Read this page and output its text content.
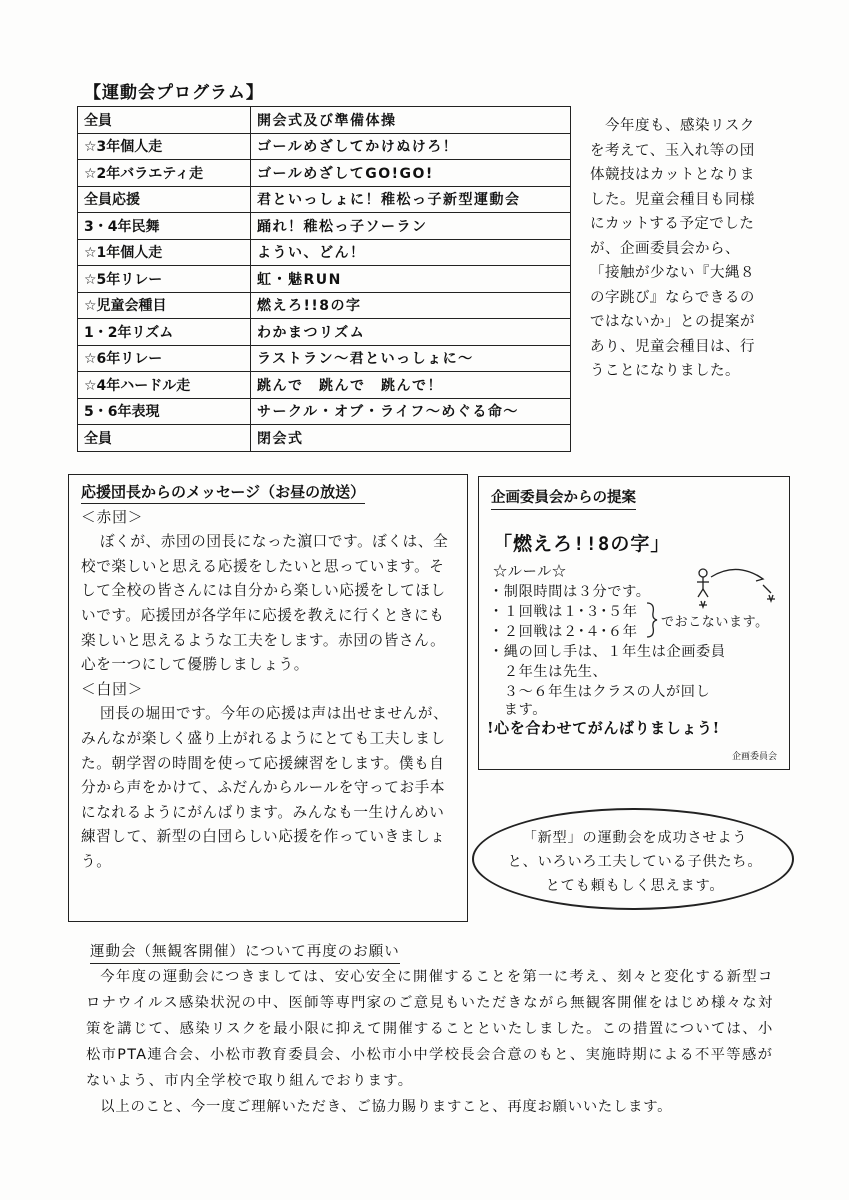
【運動会プログラム】
全員	開会式及び準備体操
☆3年個人走	ゴールめざしてかけぬけろ！
☆2年バラエティ走	ゴールめざしてGO!GO!
全員応援	君といっしょに！稚松っ子新型運動会
3・4年民舞	踊れ！稚松っ子ソーラン
☆1年個人走	ようい、どん！
☆5年リレー	虹・魅RUN
☆児童会種目	燃えろ!!8の字
1・2年リズム	わかまつリズム
☆6年リレー	ラストラン～君といっしょに～
☆4年ハードル走	跳んで　跳んで　跳んで！
5・6年表現	サークル・オブ・ライフ～めぐる命～
全員	閉会式
　今年度も、感染リスクを考えて、玉入れ等の団体競技はカットとなりました。児童会種目も同様にカットする予定でしたが、企画委員会から、「接触が少ない『大縄８の字跳び』ならできるのではないか」との提案があり、児童会種目は、行うことになりました。
応援団長からのメッセージ（お昼の放送）
＜赤団＞
ぼくが、赤団の団長になった濵口です。ぼくは、全校で楽しいと思える応援をしたいと思っています。そして全校の皆さんには自分から楽しい応援をしてほしいです。応援団が各学年に応援を教えに行くときにも楽しいと思えるような工夫をします。赤団の皆さん。心を一つにして優勝しましょう。
＜白団＞
団長の堀田です。今年の応援は声は出せませんが、みんなが楽しく盛り上がれるようにとても工夫しました。朝学習の時間を使って応援練習をします。僕も自分から声をかけて、ふだんからルールを守ってお手本になれるようにがんばります。みんなも一生けんめい練習して、新型の白団らしい応援を作っていきましょう。
企画委員会からの提案
「燃えろ!!8の字」
☆ルール☆
・制限時間は３分です。
・１回戦は１･３･５年
・２回戦は２･４･６年
でおこないます。
・縄の回し手は、１年生は企画委員
　２年生は先生、
　３～６年生はクラスの人が回し
　ます。
!心を合わせてがんばりましょう!
企画委員会
「新型」の運動会を成功させよう
と、いろいろ工夫している子供たち。
とても頼もしく思えます。
運動会（無観客開催）について再度のお願い

今年度の運動会につきましては、安心安全に開催することを第一に考え、刻々と変化する新型コロナウイルス感染状況の中、医師等専門家のご意見もいただきながら無観客開催をはじめ様々な対策を講じて、感染リスクを最小限に抑えて開催することといたしました。この措置については、小松市PTA連合会、小松市教育委員会、小松市小中学校長会合意のもと、実施時期による不平等感がないよう、市内全学校で取り組んでおります。

以上のこと、今一度ご理解いただき、ご協力賜りますこと、再度お願いいたします。
